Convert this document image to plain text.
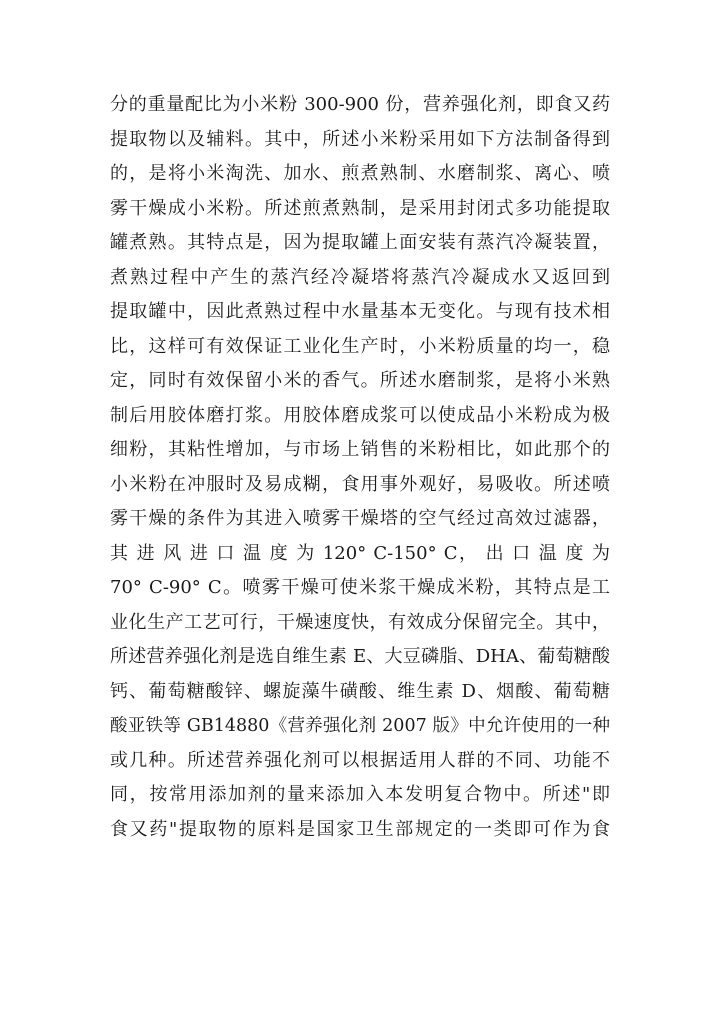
分的重量配比为小米粉 300-900 份，营养强化剂，即食又药
提取物以及辅料。其中，所述小米粉采用如下方法制备得到
的，是将小米淘洗、加水、煎煮熟制、水磨制浆、离心、喷
雾干燥成小米粉。所述煎煮熟制，是采用封闭式多功能提取
罐煮熟。其特点是，因为提取罐上面安装有蒸汽冷凝装置，
煮熟过程中产生的蒸汽经冷凝塔将蒸汽冷凝成水又返回到
提取罐中，因此煮熟过程中水量基本无变化。与现有技术相
比，这样可有效保证工业化生产时，小米粉质量的均一，稳
定，同时有效保留小米的香气。所述水磨制浆，是将小米熟
制后用胶体磨打浆。用胶体磨成浆可以使成品小米粉成为极
细粉，其粘性增加，与市场上销售的米粉相比，如此那个的
小米粉在冲服时及易成糊，食用事外观好，易吸收。所述喷
雾干燥的条件为其进入喷雾干燥塔的空气经过高效过滤器，
其 进 风 进 口 温 度 为 120° C-150° C， 出 口 温 度 为
70° C-90° C。喷雾干燥可使米浆干燥成米粉，其特点是工
业化生产工艺可行，干燥速度快，有效成分保留完全。其中，
所述营养强化剂是选自维生素 E、大豆磷脂、DHA、葡萄糖酸
钙、葡萄糖酸锌、螺旋藻牛磺酸、维生素 D、烟酸、葡萄糖
酸亚铁等 GB14880《营养强化剂 2007 版》中允许使用的一种
或几种。所述营养强化剂可以根据适用人群的不同、功能不
同，按常用添加剂的量来添加入本发明复合物中。所述"即
食又药"提取物的原料是国家卫生部规定的一类即可作为食
